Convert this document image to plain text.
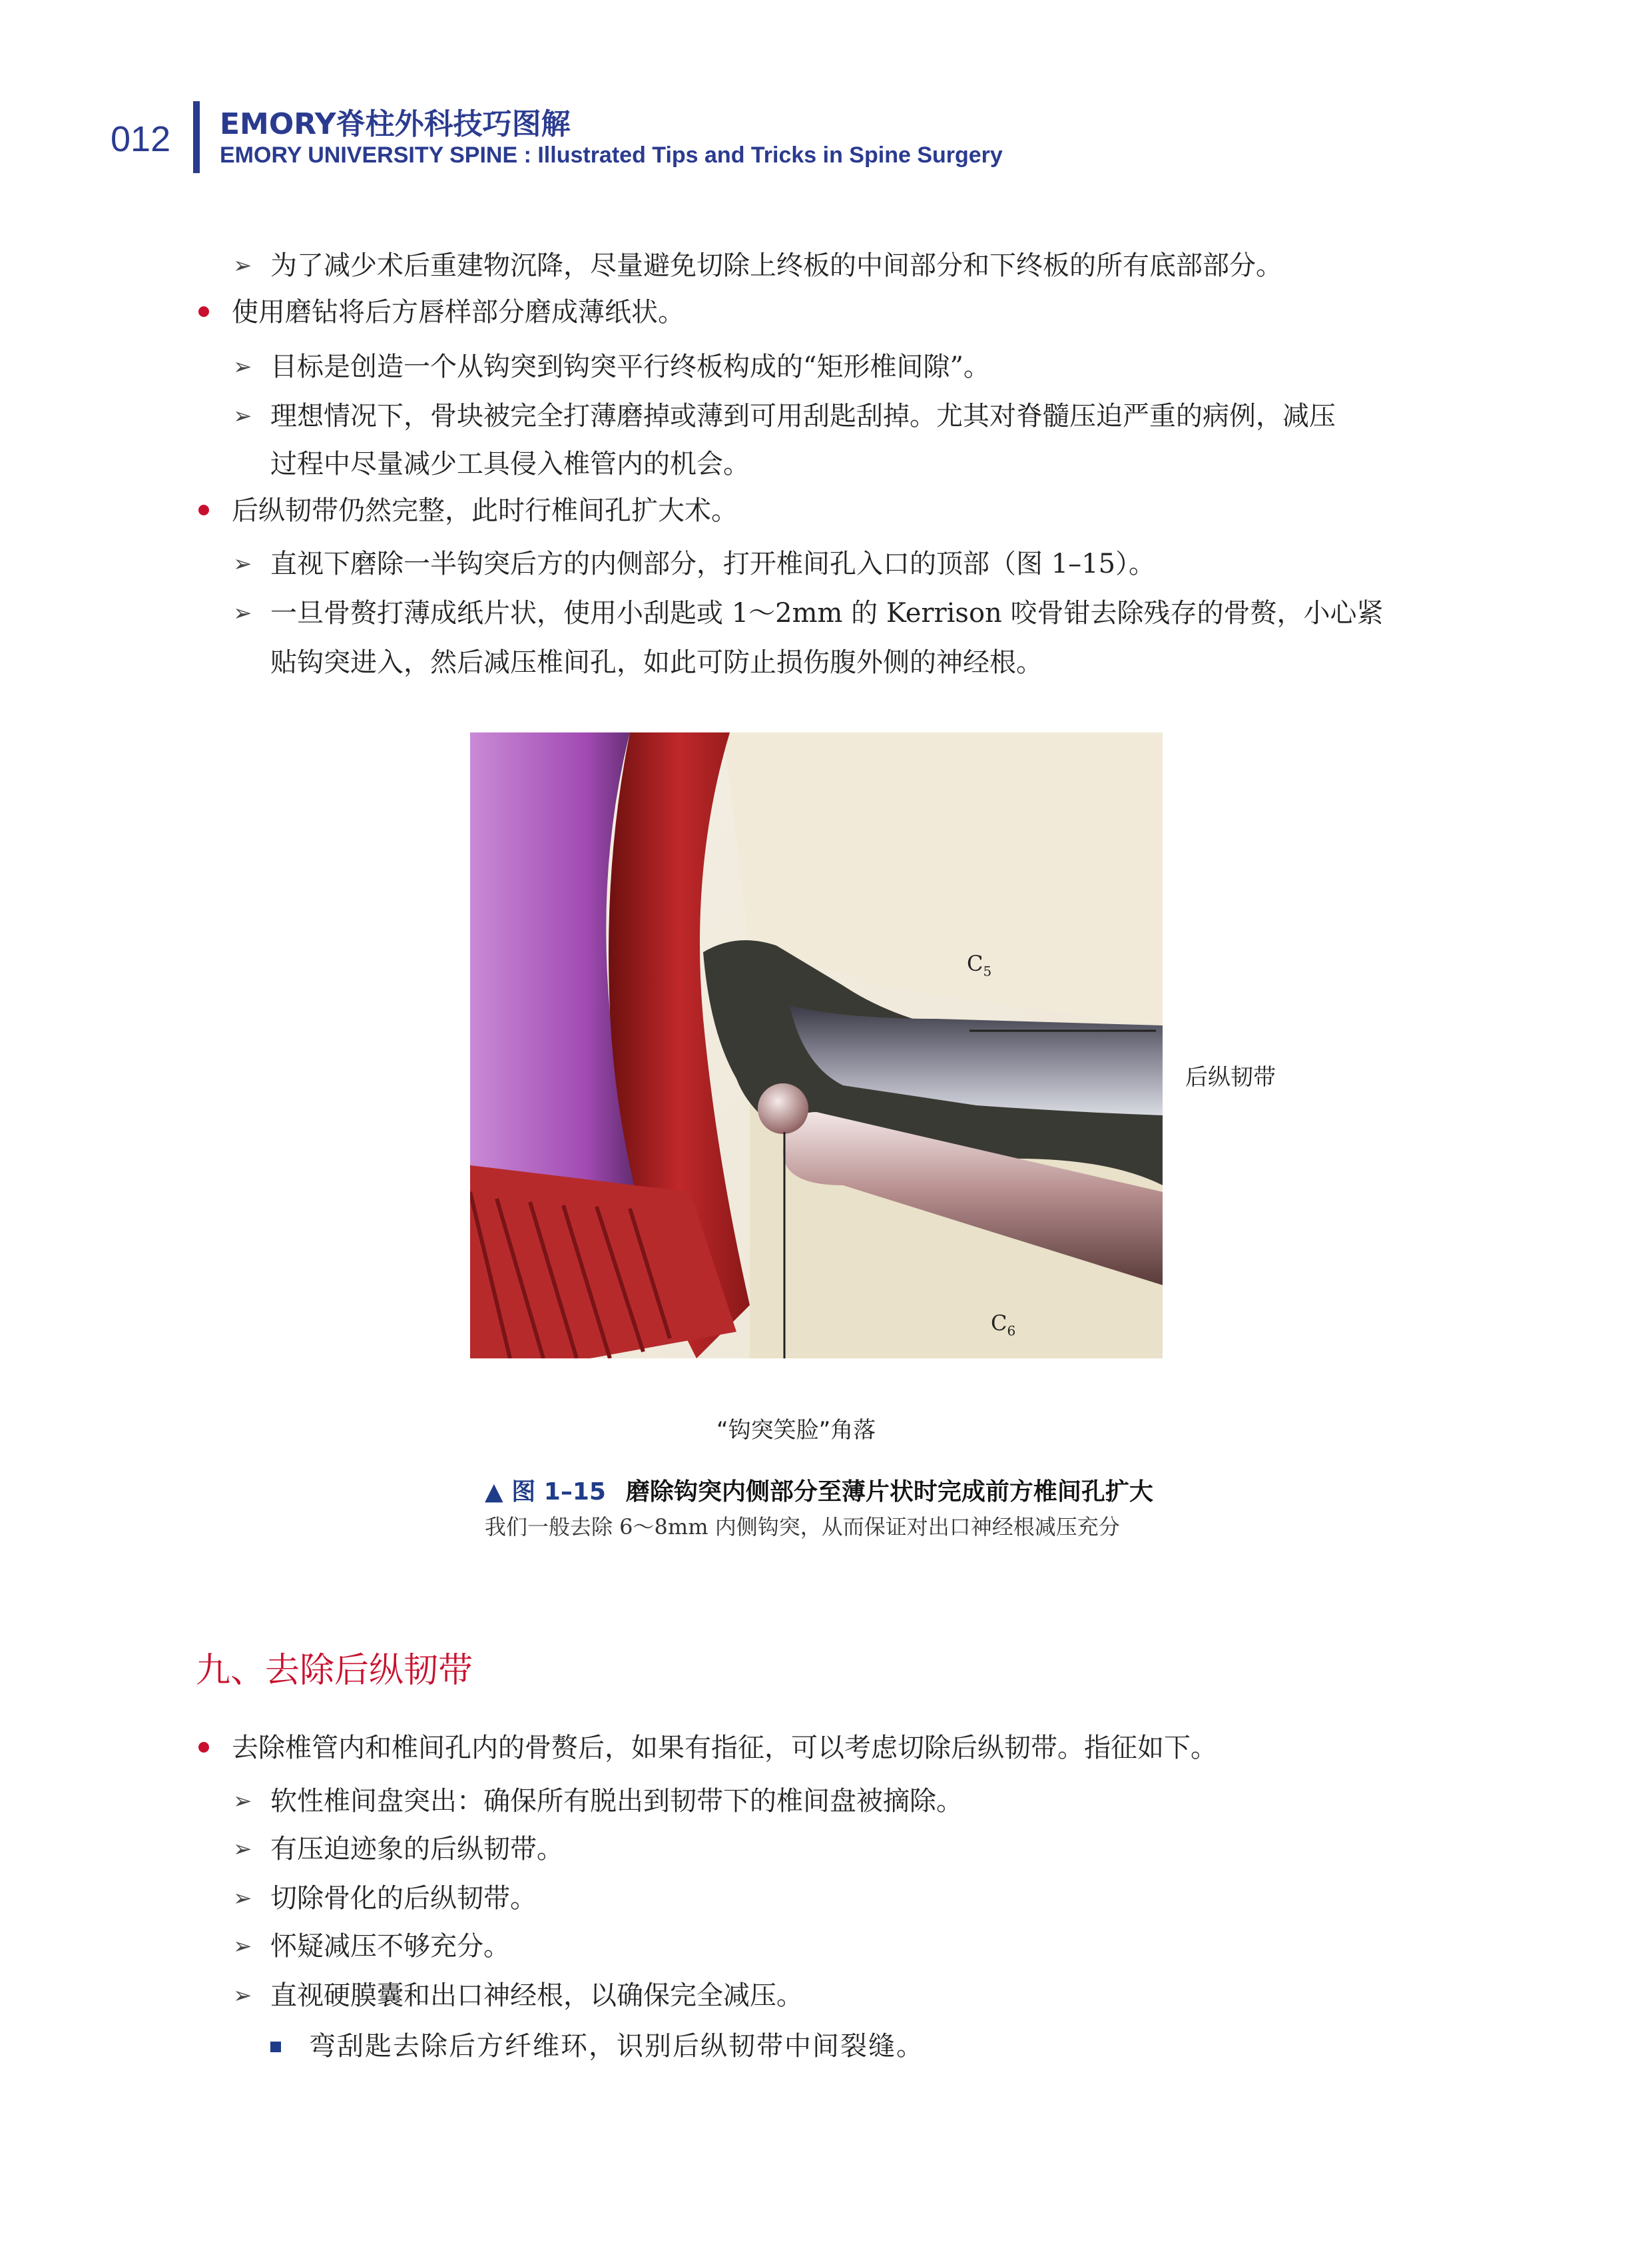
012 EMORY脊柱外科技巧图解
EMORY UNIVERSITY SPINE : Illustrated Tips and Tricks in Spine Surgery
➢ 为了减少术后重建物沉降，尽量避免切除上终板的中间部分和下终板的所有底部部分。
使用磨钻将后方唇样部分磨成薄纸状。
➢ 目标是创造一个从钩突到钩突平行终板构成的“矩形椎间隙”。
➢ 理想情况下，骨块被完全打薄磨掉或薄到可用刮匙刮掉。尤其对脊髓压迫严重的病例，减压
过程中尽量减少工具侵入椎管内的机会。
后纵韧带仍然完整，此时行椎间孔扩大术。
➢ 直视下磨除一半钩突后方的内侧部分，打开椎间孔入口的顶部（图 1–15）。
➢ 一旦骨赘打薄成纸片状，使用小刮匙或 1～2mm 的 Kerrison 咬骨钳去除残存的骨赘，小心紧
贴钩突进入，然后减压椎间孔，如此可防止损伤腹外侧的神经根。
$C_5$
$C_6$
后纵韧带
“钩突笑脸”角落
▲ 图 1–15 磨除钩突内侧部分至薄片状时完成前方椎间孔扩大
我们一般去除 6～8mm 内侧钩突，从而保证对出口神经根减压充分
九、去除后纵韧带
去除椎管内和椎间孔内的骨赘后，如果有指征，可以考虑切除后纵韧带。指征如下。
➢ 软性椎间盘突出：确保所有脱出到韧带下的椎间盘被摘除。
➢ 有压迫迹象的后纵韧带。
➢ 切除骨化的后纵韧带。
➢ 怀疑减压不够充分。
➢ 直视硬膜囊和出口神经根，以确保完全减压。
弯刮匙去除后方纤维环，识别后纵韧带中间裂缝。
